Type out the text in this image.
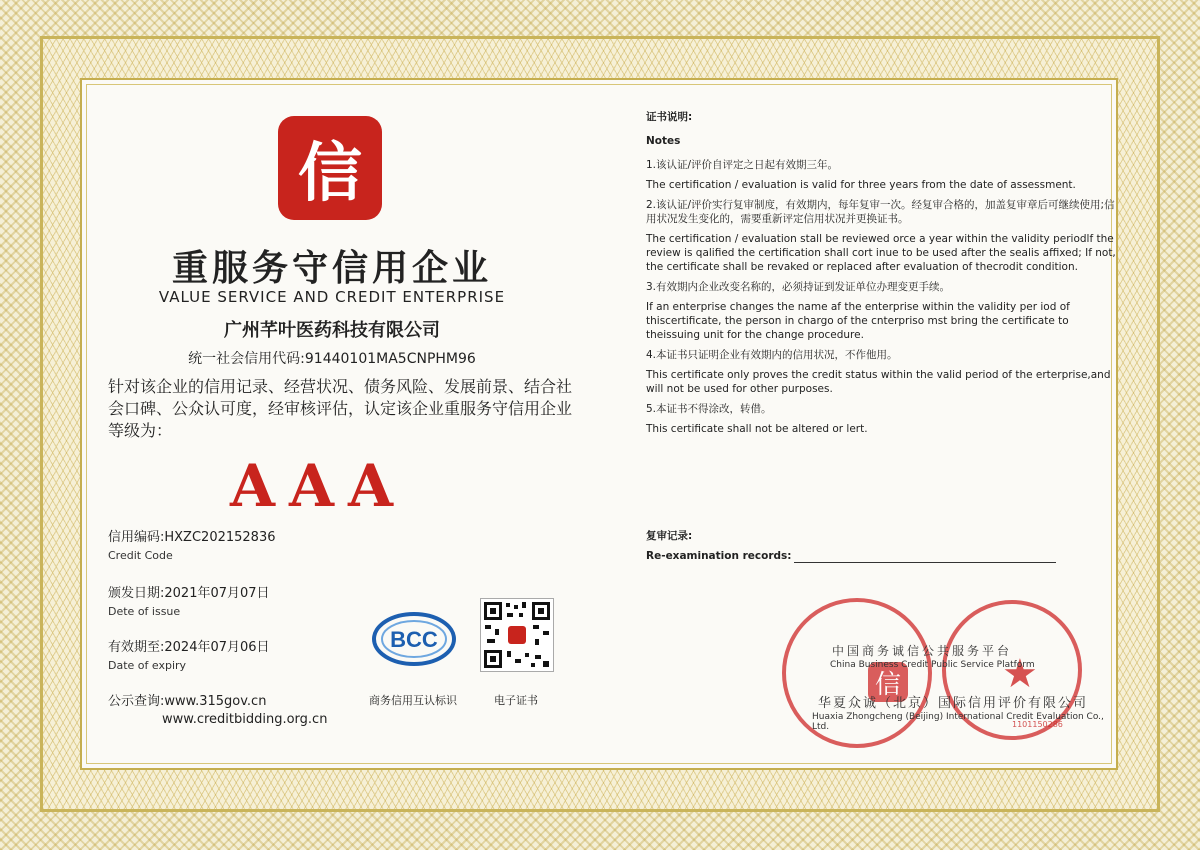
信
重服务守信用企业
VALUE SERVICE AND CREDIT ENTERPRISE
广州芊叶医药科技有限公司
统一社会信用代码:91440101MA5CNPHM96
针对该企业的信用记录、经营状况、债务风险、发展前景、结合社会口碑、公众认可度，经审核评估，认定该企业重服务守信用企业等级为：
AAA
信用编码:HXZC202152836
Credit Code
颁发日期:2021年07月07日
Dete of issue
有效期至:2024年07月06日
Date of expiry
公示查询:www.315gov.cn
www.creditbidding.org.cn
BCC
商务信用互认标识	电子证书

证书说明:

Notes

1.该认证/评价自评定之日起有效期三年。

The certification / evaluation is valid for three years from the date of assessment.

2.该认证/评价实行复审制度，有效期内，每年复审一次。经复审合格的，加盖复审章后可继续使用;信用状况发生变化的，需要重新评定信用状况并更换证书。

The certification / evaluation stall be reviewed orce a year within the validity periodlf the review is qalified the certification shall cort inue to be used after the sealis affixed; If not, the certificate shall be revaked or replaced after evaluation of thecrodit condition.

3.有效期内企业改变名称的，必须持证到发证单位办理变更手续。

If an enterprise changes the name af the enterprise within the validity per iod of thiscertificate, the person in chargo of the cnterpriso mst bring the certificate to theissuing unit for the change procedure.

4.本证书只证明企业有效期内的信用状况，不作他用。

This certificate only proves the credit status within the valid period of the erterprise,and will not be used for other purposes.

5.本证书不得涂改，转借。

This certificate shall not be altered or lert.

复审记录:
Re-examination records:
★
信
中国商务诚信公共服务平台
China Business Credit Public Service Platform
华夏众诚（北京）国际信用评价有限公司
Huaxia Zhongcheng (Beijing) International Credit Evaluation Co., Ltd.	1101150286
